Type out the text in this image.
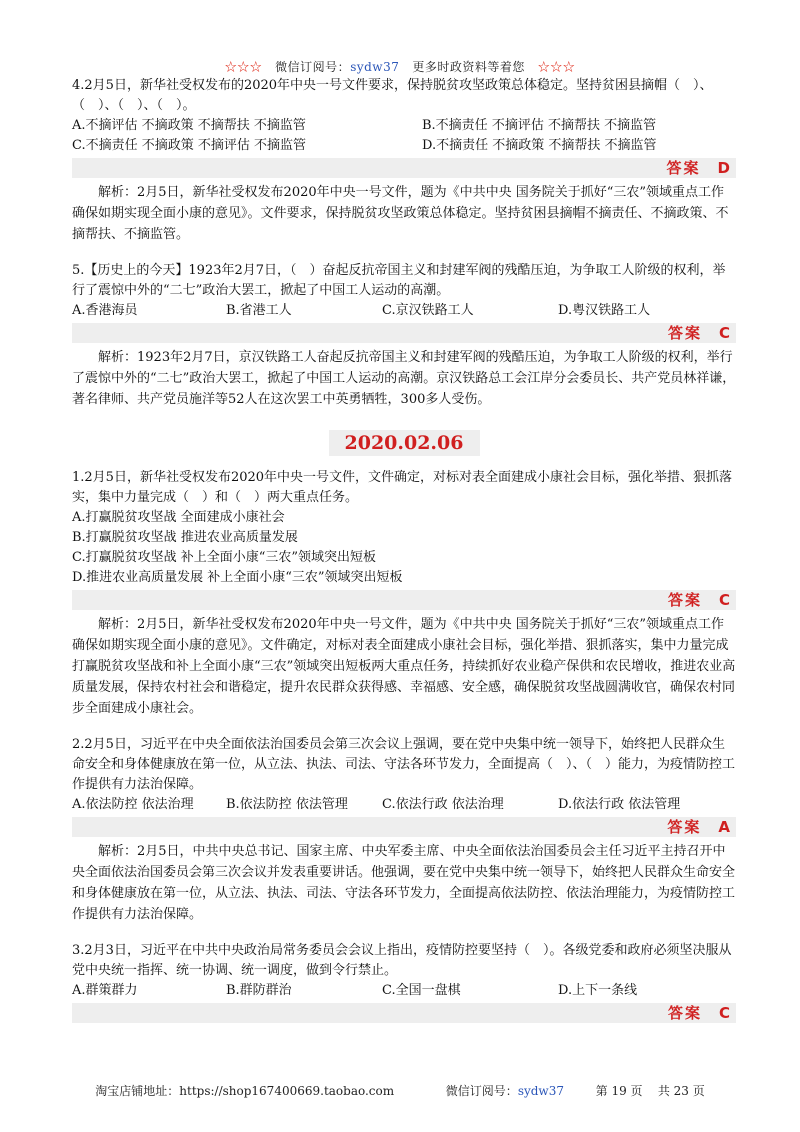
☆☆☆ 微信订阅号：sydw37 更多时政资料等着您 ☆☆☆

4.2月5日，新华社受权发布的2020年中央一号文件要求，保持脱贫攻坚政策总体稳定。坚持贫困县摘帽（　）、（　）、（　）、（　）。

A.不摘评估 不摘政策 不摘帮扶 不摘监管	B.不摘责任 不摘评估 不摘帮扶 不摘监管
C.不摘责任 不摘政策 不摘评估 不摘监管	D.不摘责任 不摘政策 不摘帮扶 不摘监管
答案　D

解析：2月5日，新华社受权发布2020年中央一号文件，题为《中共中央 国务院关于抓好“三农”领域重点工作确保如期实现全面小康的意见》。文件要求，保持脱贫攻坚政策总体稳定。坚持贫困县摘帽不摘责任、不摘政策、不摘帮扶、不摘监管。

5.【历史上的今天】1923年2月7日，（　）奋起反抗帝国主义和封建军阀的残酷压迫，为争取工人阶级的权利，举行了震惊中外的“二七”政治大罢工，掀起了中国工人运动的高潮。

A.香港海员	B.省港工人	C.京汉铁路工人	D.粤汉铁路工人
答案　C

解析：1923年2月7日，京汉铁路工人奋起反抗帝国主义和封建军阀的残酷压迫，为争取工人阶级的权利，举行了震惊中外的“二七”政治大罢工，掀起了中国工人运动的高潮。京汉铁路总工会江岸分会委员长、共产党员林祥谦，著名律师、共产党员施洋等52人在这次罢工中英勇牺牲，300多人受伤。

2020.02.06

1.2月5日，新华社受权发布2020年中央一号文件，文件确定，对标对表全面建成小康社会目标，强化举措、狠抓落实，集中力量完成（　）和（　）两大重点任务。

A.打赢脱贫攻坚战 全面建成小康社会
B.打赢脱贫攻坚战 推进农业高质量发展
C.打赢脱贫攻坚战 补上全面小康“三农”领域突出短板
D.推进农业高质量发展 补上全面小康“三农”领域突出短板
答案　C

解析：2月5日，新华社受权发布2020年中央一号文件，题为《中共中央 国务院关于抓好“三农”领域重点工作确保如期实现全面小康的意见》。文件确定，对标对表全面建成小康社会目标，强化举措、狠抓落实，集中力量完成打赢脱贫攻坚战和补上全面小康“三农”领域突出短板两大重点任务，持续抓好农业稳产保供和农民增收，推进农业高质量发展，保持农村社会和谐稳定，提升农民群众获得感、幸福感、安全感，确保脱贫攻坚战圆满收官，确保农村同步全面建成小康社会。

2.2月5日，习近平在中央全面依法治国委员会第三次会议上强调，要在党中央集中统一领导下，始终把人民群众生命安全和身体健康放在第一位，从立法、执法、司法、守法各环节发力，全面提高（　）、（　）能力，为疫情防控工作提供有力法治保障。

A.依法防控 依法治理	B.依法防控 依法管理	C.依法行政 依法治理	D.依法行政 依法管理
答案　A

解析：2月5日，中共中央总书记、国家主席、中央军委主席、中央全面依法治国委员会主任习近平主持召开中央全面依法治国委员会第三次会议并发表重要讲话。他强调，要在党中央集中统一领导下，始终把人民群众生命安全和身体健康放在第一位，从立法、执法、司法、守法各环节发力，全面提高依法防控、依法治理能力，为疫情防控工作提供有力法治保障。

3.2月3日，习近平在中共中央政治局常务委员会会议上指出，疫情防控要坚持（　）。各级党委和政府必须坚决服从党中央统一指挥、统一协调、统一调度，做到令行禁止。

A.群策群力	B.群防群治	C.全国一盘棋	D.上下一条线
答案　C
淘宝店铺地址：https://shop167400669.taobao.com	微信订阅号：sydw37	第 19 页 共 23 页
